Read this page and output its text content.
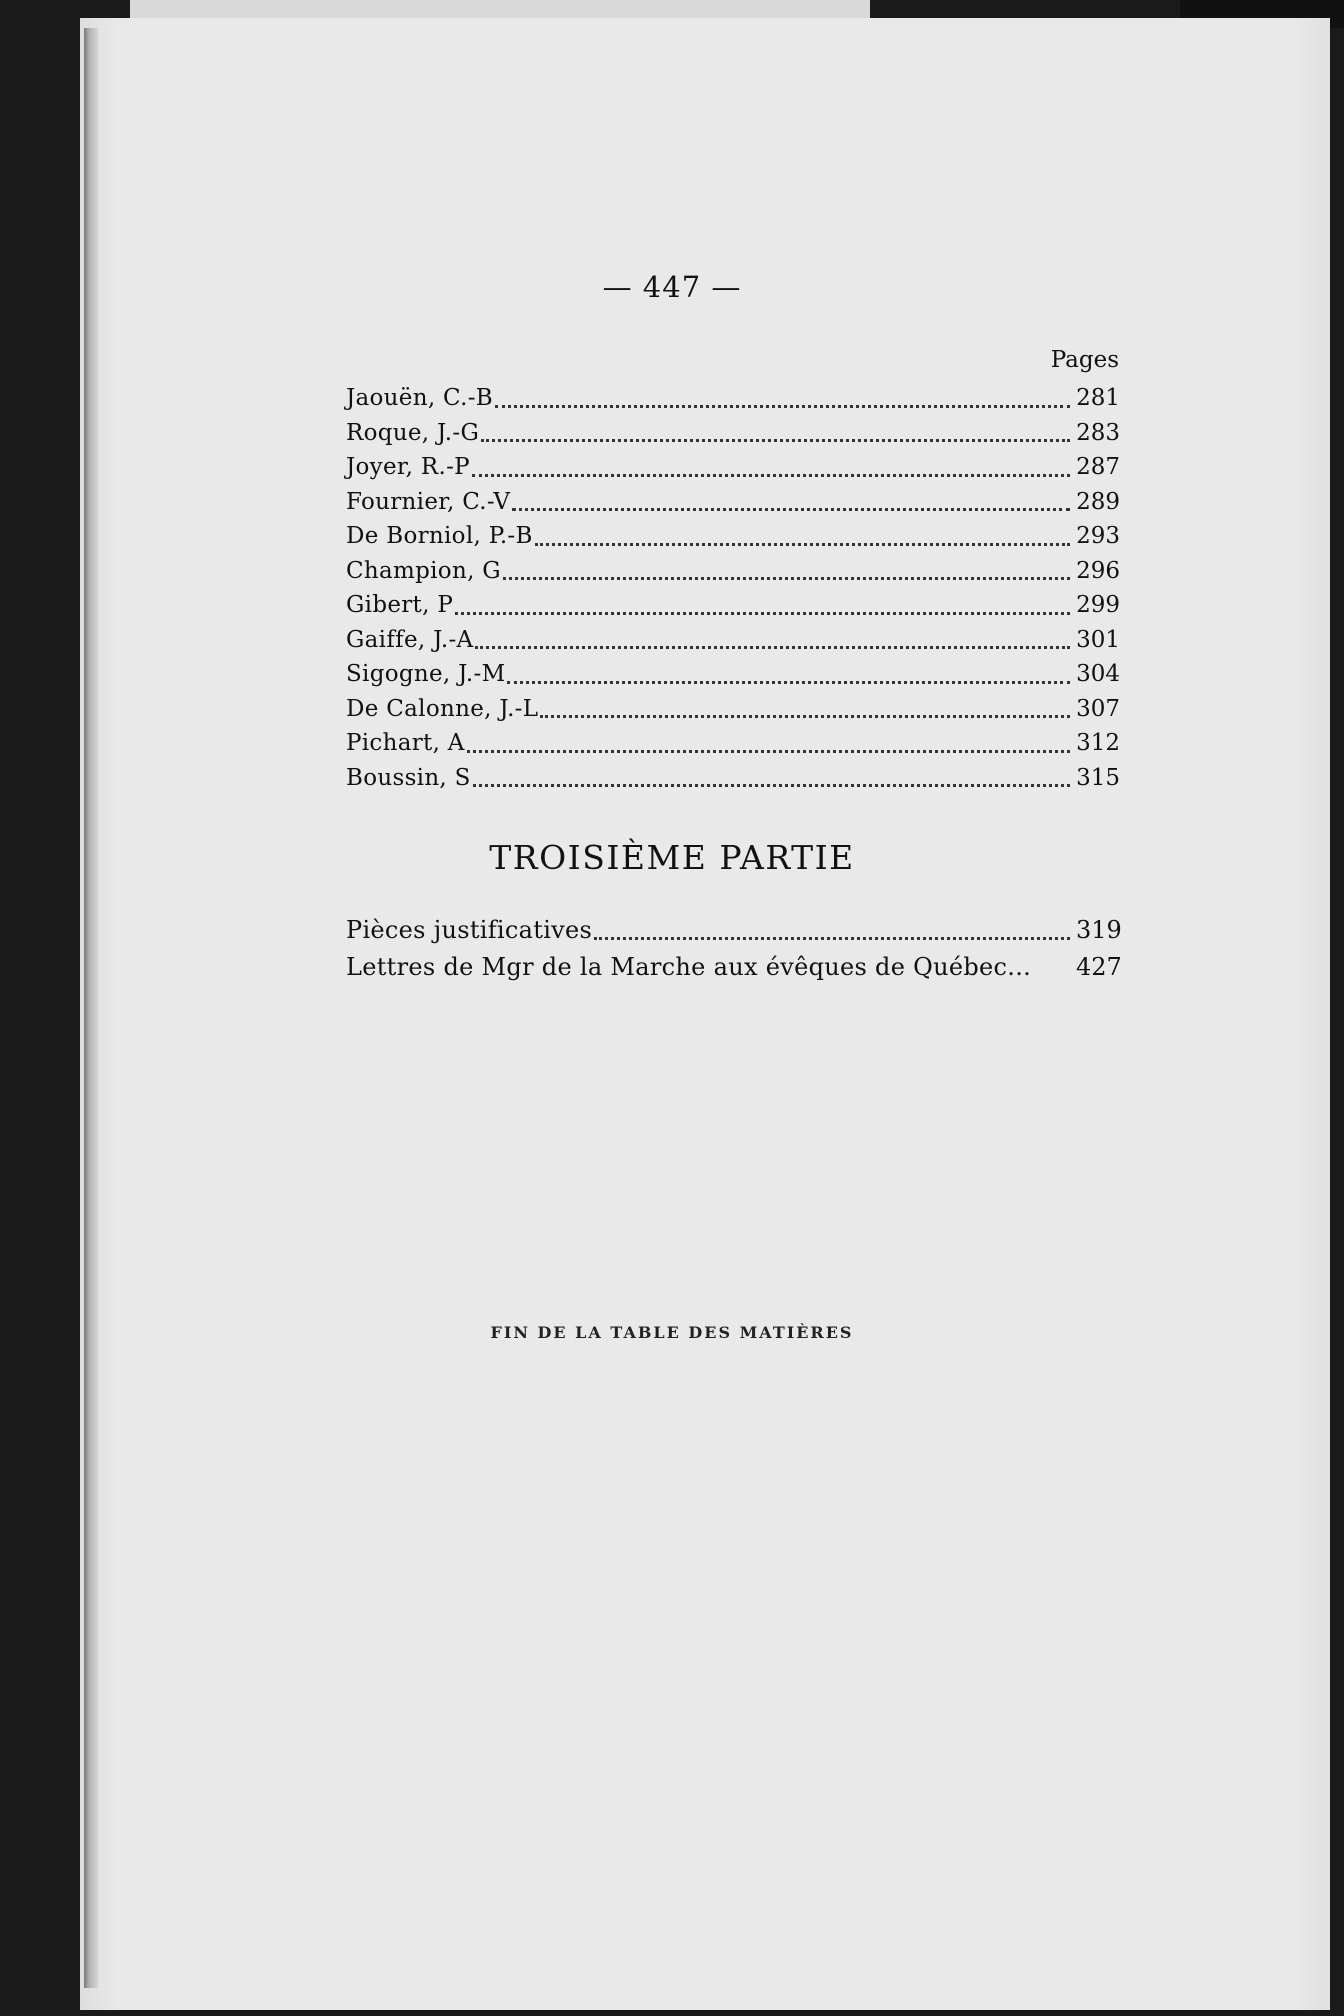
— 447 —
Pages
Jaouën, C.-B	281
Roque, J.-G	283
Joyer, R.-P	287
Fournier, C.-V	289
De Borniol, P.-B	293
Champion, G	296
Gibert, P	299
Gaiffe, J.-A	301
Sigogne, J.-M	304
De Calonne, J.-L	307
Pichart, A	312
Boussin, S	315
TROISIÈME PARTIE
Pièces justificatives	319
Lettres de Mgr de la Marche aux évêques de Québec... 427
FIN DE LA TABLE DES MATIÈRES
